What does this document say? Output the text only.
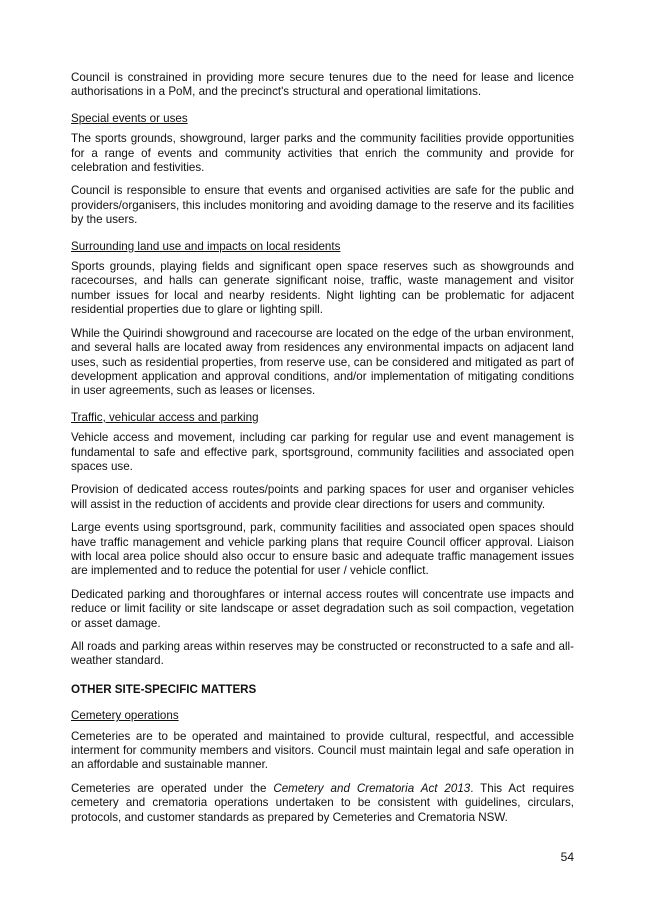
Council is constrained in providing more secure tenures due to the need for lease and licence authorisations in a PoM, and the precinct's structural and operational limitations.

Special events or uses

The sports grounds, showground, larger parks and the community facilities provide opportunities for a range of events and community activities that enrich the community and provide for celebration and festivities.

Council is responsible to ensure that events and organised activities are safe for the public and providers/organisers, this includes monitoring and avoiding damage to the reserve and its facilities by the users.

Surrounding land use and impacts on local residents

Sports grounds, playing fields and significant open space reserves such as showgrounds and racecourses, and halls can generate significant noise, traffic, waste management and visitor number issues for local and nearby residents. Night lighting can be problematic for adjacent residential properties due to glare or lighting spill.

While the Quirindi showground and racecourse are located on the edge of the urban environment, and several halls are located away from residences any environmental impacts on adjacent land uses, such as residential properties, from reserve use, can be considered and mitigated as part of development application and approval conditions, and/or implementation of mitigating conditions in user agreements, such as leases or licenses.

Traffic, vehicular access and parking

Vehicle access and movement, including car parking for regular use and event management is fundamental to safe and effective park, sportsground, community facilities and associated open spaces use.

Provision of dedicated access routes/points and parking spaces for user and organiser vehicles will assist in the reduction of accidents and provide clear directions for users and community.

Large events using sportsground, park, community facilities and associated open spaces should have traffic management and vehicle parking plans that require Council officer approval. Liaison with local area police should also occur to ensure basic and adequate traffic management issues are implemented and to reduce the potential for user / vehicle conflict.

Dedicated parking and thoroughfares or internal access routes will concentrate use impacts and reduce or limit facility or site landscape or asset degradation such as soil compaction, vegetation or asset damage.

All roads and parking areas within reserves may be constructed or reconstructed to a safe and all-weather standard.

OTHER SITE-SPECIFIC MATTERS

Cemetery operations

Cemeteries are to be operated and maintained to provide cultural, respectful, and accessible interment for community members and visitors. Council must maintain legal and safe operation in an affordable and sustainable manner.

Cemeteries are operated under the Cemetery and Crematoria Act 2013. This Act requires cemetery and crematoria operations undertaken to be consistent with guidelines, circulars, protocols, and customer standards as prepared by Cemeteries and Crematoria NSW.

54
